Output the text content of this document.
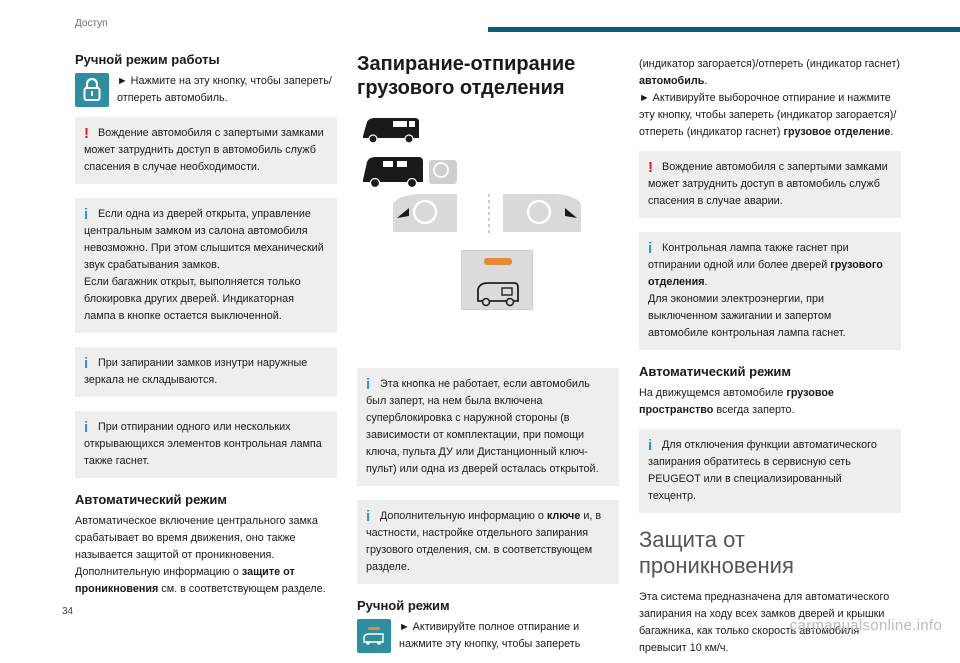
Доступ
Ручной режим работы

► Нажмите на эту кнопку, чтобы запереть/отпереть автомобиль.

! Вождение автомобиля с запертыми замками может затруднить доступ в автомобиль служб спасения в случае необходимости.
i Если одна из дверей открыта, управление центральным замком из салона автомобиля невозможно. При этом слышится механический звук срабатывания замков.
Если багажник открыт, выполняется только блокировка других дверей. Индикаторная лампа в кнопке остается выключенной.
i При запирании замков изнутри наружные зеркала не складываются.
i При отпирании одного или нескольких открывающихся элементов контрольная лампа также гаснет.
Автоматический режим

Автоматическое включение центрального замка срабатывает во время движения, оно также называется защитой от проникновения.

Дополнительную информацию о защите от проникновения см. в соответствующем разделе.

Запирание-отпирание грузового отделения
i Эта кнопка не работает, если автомобиль был заперт, на нем была включена суперблокировка с наружной стороны (в зависимости от комплектации, при помощи ключа, пульта ДУ или Дистанционный ключ-пульт) или одна из дверей осталась открытой.
i Дополнительную информацию о ключе и, в частности, настройке отдельного запирания грузового отделения, см. в соответствующем разделе.
Ручной режим

► Активируйте полное отпирание и нажмите эту кнопку, чтобы запереть

(индикатор загорается)/отпереть (индикатор гаснет) автомобиль.

► Активируйте выборочное отпирание и нажмите эту кнопку, чтобы запереть (индикатор загорается)/отпереть (индикатор гаснет) грузовое отделение.

! Вождение автомобиля с запертыми замками может затруднить доступ в автомобиль служб спасения в случае аварии.
i Контрольная лампа также гаснет при отпирании одной или более дверей грузового отделения.
Для экономии электроэнергии, при выключенном зажигании и запертом автомобиле контрольная лампа гаснет.
Автоматический режим

На движущемся автомобиле грузовое пространство всегда заперто.

i Для отключения функции автоматического запирания обратитесь в сервисную сеть PEUGEOT или в специализированный техцентр.
Защита от проникновения

Эта система предназначена для автоматического запирания на ходу всех замков дверей и крышки багажника, как только скорость автомобиля превысит 10 км/ч.

34
carmanualsonline.info
